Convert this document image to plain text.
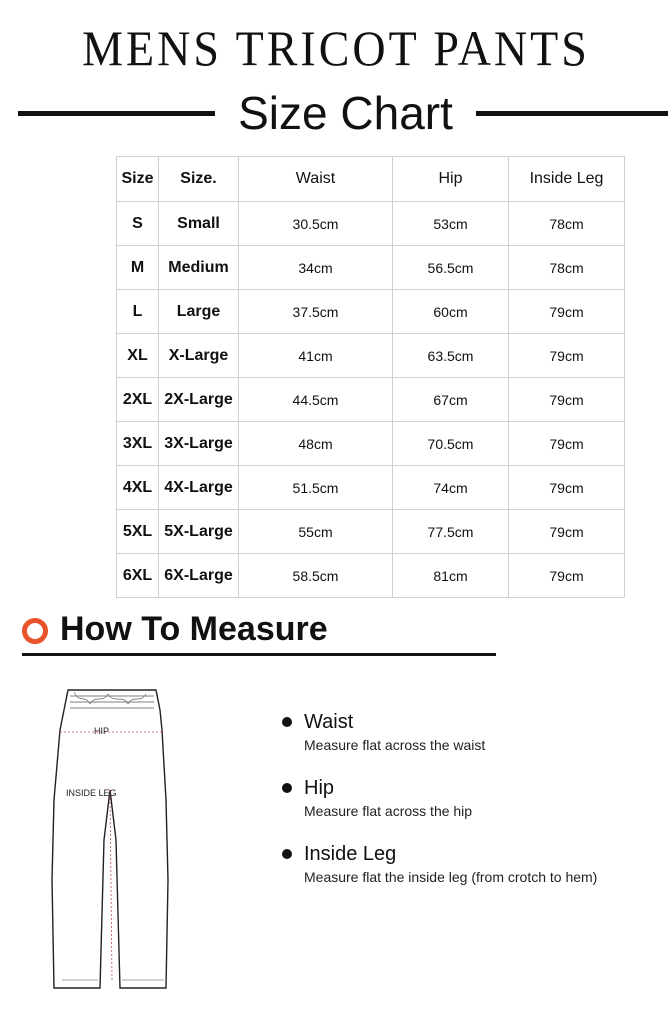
MENS TRICOT PANTS
Size Chart
Size	Size.	Waist	Hip	Inside Leg
S	Small	30.5cm	53cm	78cm
M	Medium	34cm	56.5cm	78cm
L	Large	37.5cm	60cm	79cm
XL	X-Large	41cm	63.5cm	79cm
2XL	2X-Large	44.5cm	67cm	79cm
3XL	3X-Large	48cm	70.5cm	79cm
4XL	4X-Large	51.5cm	74cm	79cm
5XL	5X-Large	55cm	77.5cm	79cm
6XL	6X-Large	58.5cm	81cm	79cm
How To Measure
HIP
INSIDE LEG
Waist
Measure flat across the waist
Hip
Measure flat across the hip
Inside Leg
Measure flat the inside leg (from crotch to hem)
